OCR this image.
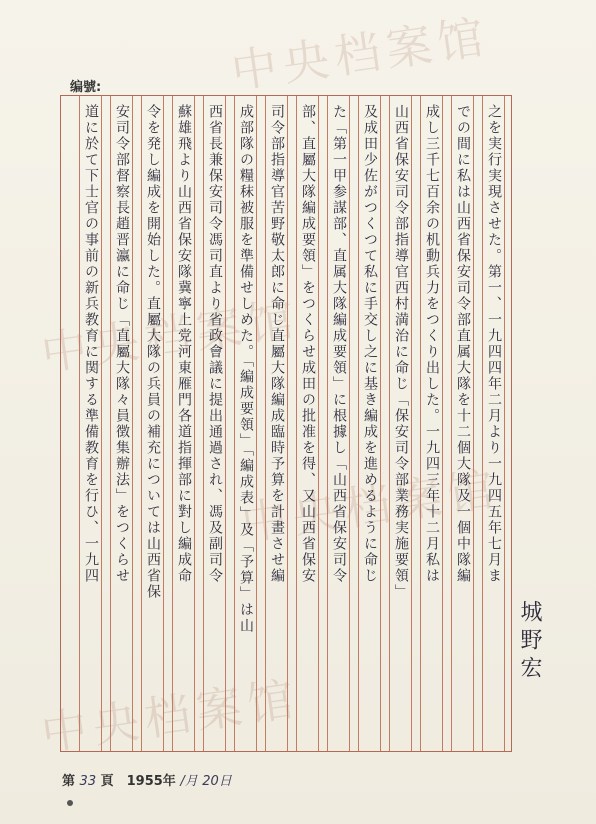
中央档案馆
中央档案馆
中央档案馆
中央档案馆
编號:
之を実行実現させた。第一、一九四四年二月より一九四五年七月ま
での間に私は山西省保安司令部直属大隊を十二個大隊及一個中隊編
成し三千七百余の机動兵力をつくり出した。一九四三年十二月私は
山西省保安司令部指導官西村満治に命じ「保安司令部業務実施要領」
及成田少佐がつくつて私に手交し之に基き編成を進めるように命じ
た「第一甲参謀部、直属大隊編成要領」に根據し「山西省保安司令
部、直屬大隊編成要領」をつくらせ成田の批准を得、又山西省保安
司令部指導官苦野敬太郎に命じ直屬大隊編成臨時予算を計畫させ編
成部隊の糧秣被服を準備せしめた。「編成要領」「編成表」及「予算」は山
西省長兼保安司令馮司直より省政會議に提出通過され、馮及副司令
蘇雄飛より山西省保安隊冀寧上党河東雁門各道指揮部に對し編成命
令を発し編成を開始した。直屬大隊の兵員の補充については山西省保
安司令部督察長趙晋瀛に命じ「直屬大隊々員徴集辦法」をつくらせ
道に於て下士官の事前の新兵教育に関する準備教育を行ひ、一九四
城野宏
第 33 頁　1955年 /月 20日
